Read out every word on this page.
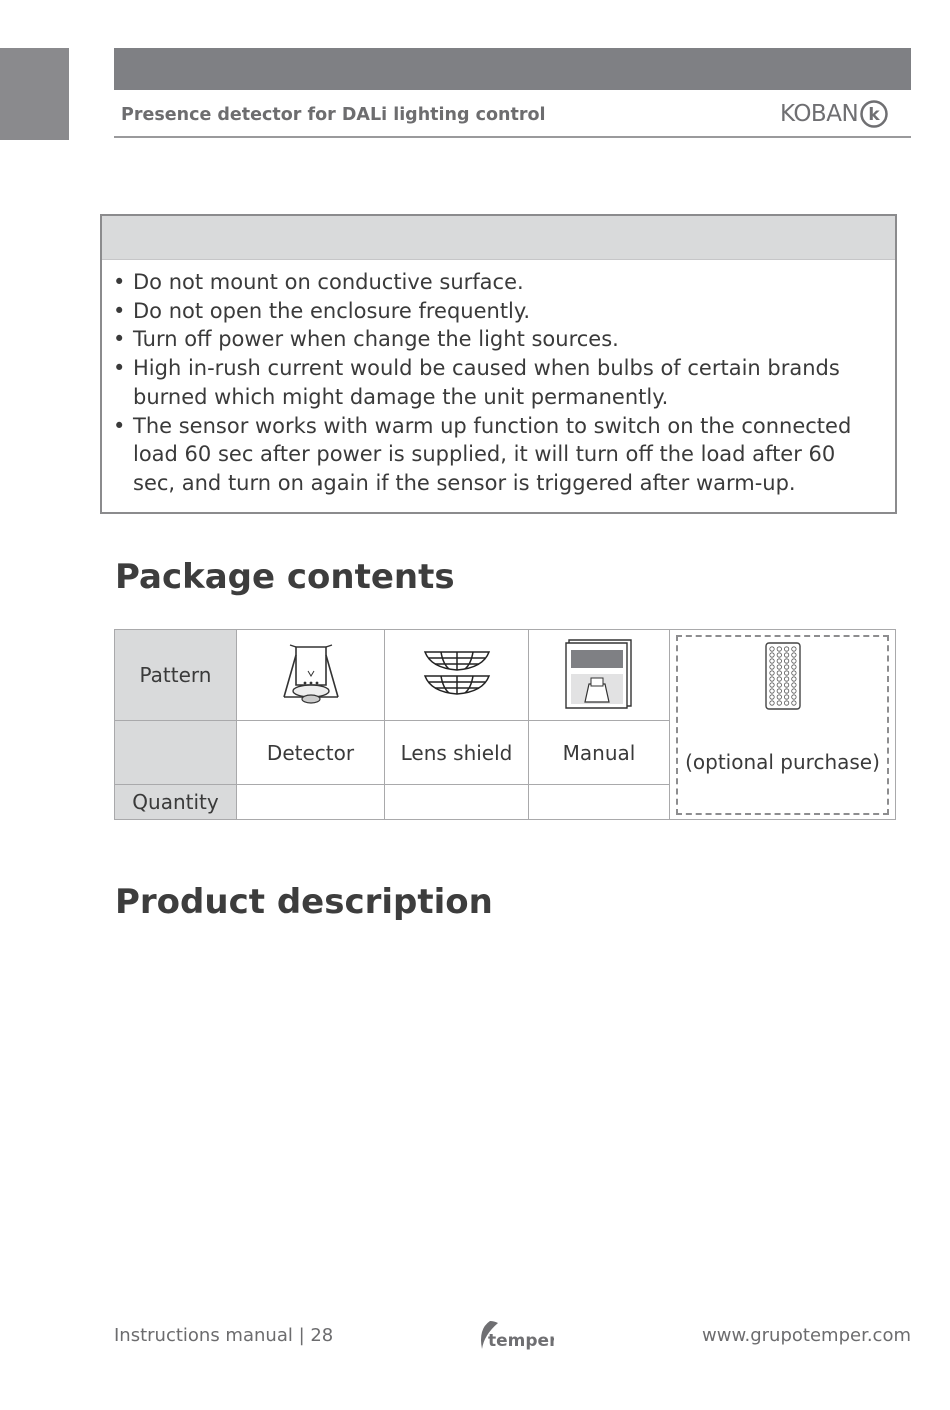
Presence detector for DALi lighting control	KOBAN k
• Do not mount on conductive surface.
• Do not open the enclosure frequently.
• Turn off power when change the light sources.
• High in-rush current would be caused when bulbs of certain brands burned which might damage the unit permanently.
• The sensor works with warm up function to switch on the connected load 60 sec after power is supplied, it will turn off the load after 60 sec, and turn on again if the sensor is triggered after warm-up.
Package contents
Pattern				(optional purchase)

	Detector	Lens shield	Manual	
Quantity				
Product description
Instructions manual | 28	temper	www.grupotemper.com
